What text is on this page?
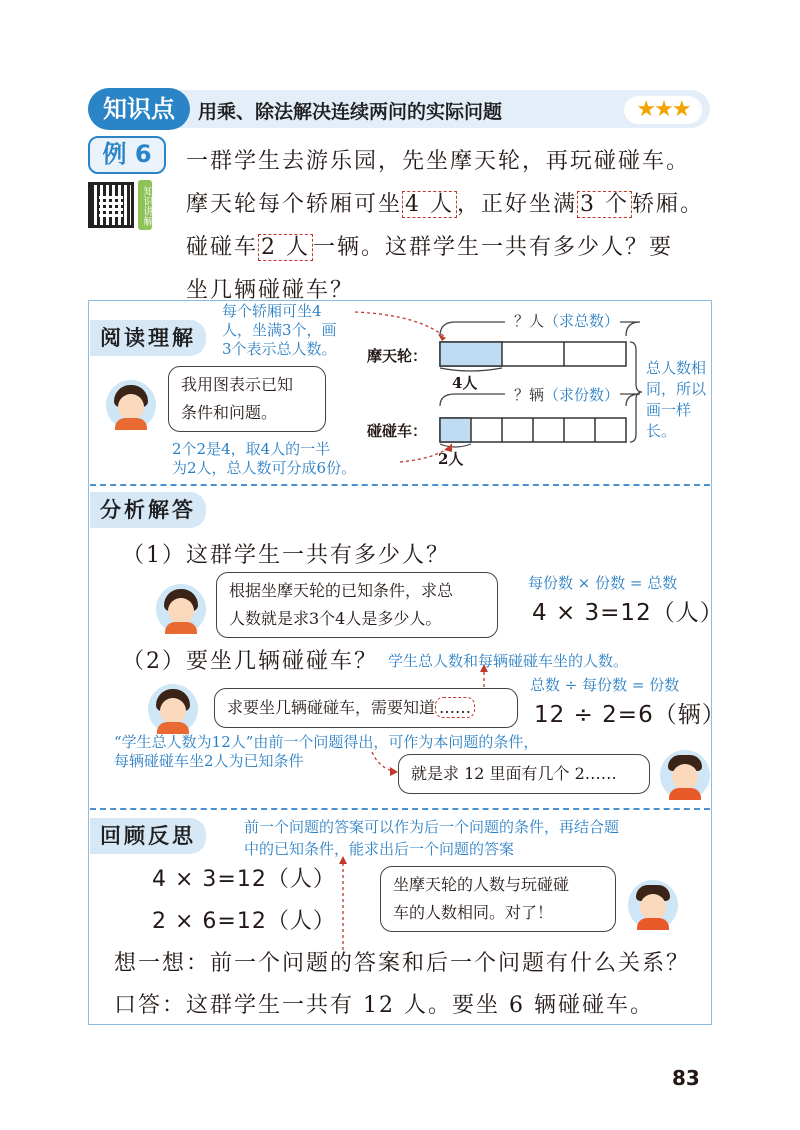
知识点	用乘、除法解决连续两问的实际问题	★★★
例 6
知识讲解
一群学生去游乐园，先坐摩天轮，再玩碰碰车。
摩天轮每个轿厢可坐 4 人 ，正好坐满 3 个 轿厢。
碰碰车 2 人 一辆。这群学生一共有多少人？要
坐几辆碰碰车？
阅读理解
每个轿厢可坐4
人，坐满3个，画
3个表示总人数。
？人（求总数）
摩天轮：
4人
？辆（求份数）
碰碰车：
2人
总人数相
同，所以
画一样
长。
我用图表示已知
条件和问题。
2个2是4，取4人的一半
为2人，总人数可分成6份。
分析解答
（1）这群学生一共有多少人？
根据坐摩天轮的已知条件，求总
人数就是求3个4人是多少人。
每份数 × 份数 = 总数
4 × 3=12（人）
（2）要坐几辆碰碰车？ 学生总人数和每辆碰碰车坐的人数。
求要坐几辆碰碰车，需要知道 ……
总数 ÷ 每份数 = 份数
12 ÷ 2=6（辆）
“学生总人数为12人”由前一个问题得出，可作为本问题的条件，
每辆碰碰车坐2人为已知条件
就是求 12 里面有几个 2……
回顾反思	前一个问题的答案可以作为后一个问题的条件，再结合题
中的已知条件，能求出后一个问题的答案
4 × 3=12（人）
2 × 6=12（人）
坐摩天轮的人数与玩碰碰
车的人数相同。对了！
想一想：前一个问题的答案和后一个问题有什么关系？
口答：这群学生一共有 12 人。要坐 6 辆碰碰车。
83
